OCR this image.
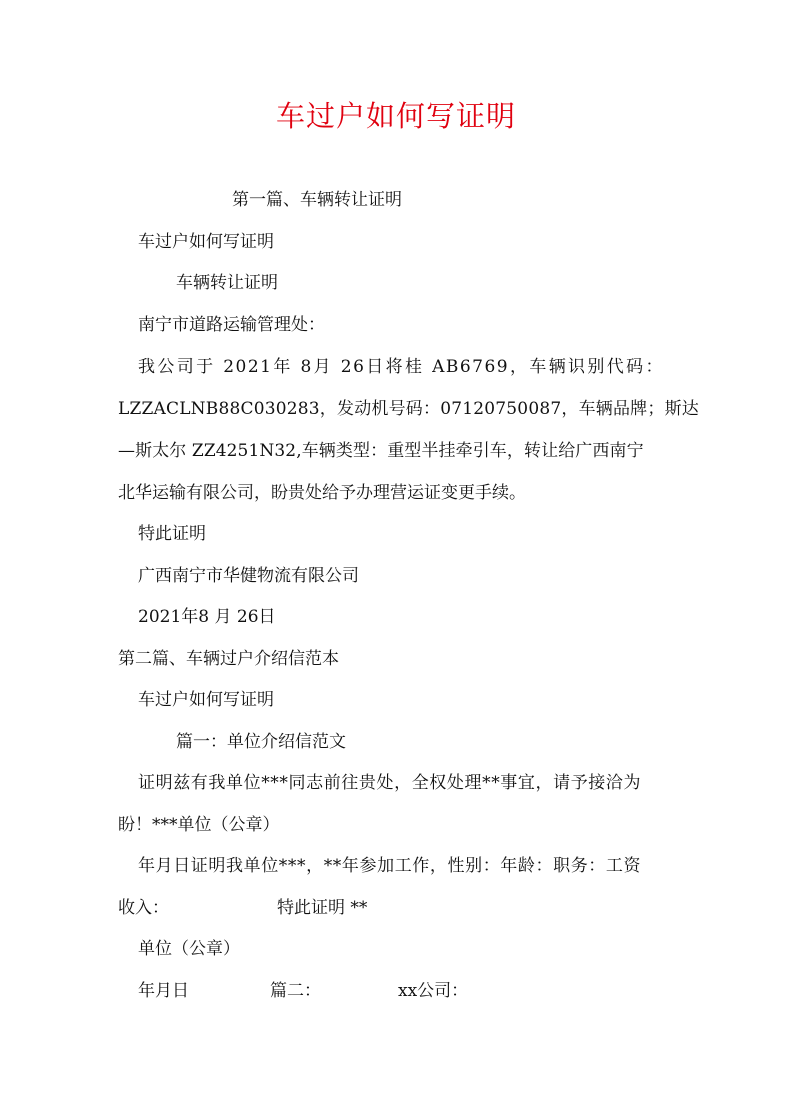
车过户如何写证明
第一篇、车辆转让证明
车过户如何写证明
车辆转让证明
南宁市道路运输管理处：
我公司于 2021年 8月 26日将桂 AB6769，车辆识别代码：
LZZACLNB88C030283，发动机号码：07120750087，车辆品牌；斯达
—斯太尔 ZZ4251N32,车辆类型：重型半挂牵引车，转让给广西南宁
北华运输有限公司，盼贵处给予办理营运证变更手续。
特此证明
广西南宁市华健物流有限公司
2021年8 月 26日
第二篇、车辆过户介绍信范本
车过户如何写证明
篇一：单位介绍信范文
证明兹有我单位***同志前往贵处，全权处理**事宜，请予接洽为
盼！***单位（公章）
年月日证明我单位***，**年参加工作，性别：年龄：职务：工资
收入：	特此证明 **
单位（公章）
年月日	篇二：	xx公司：
